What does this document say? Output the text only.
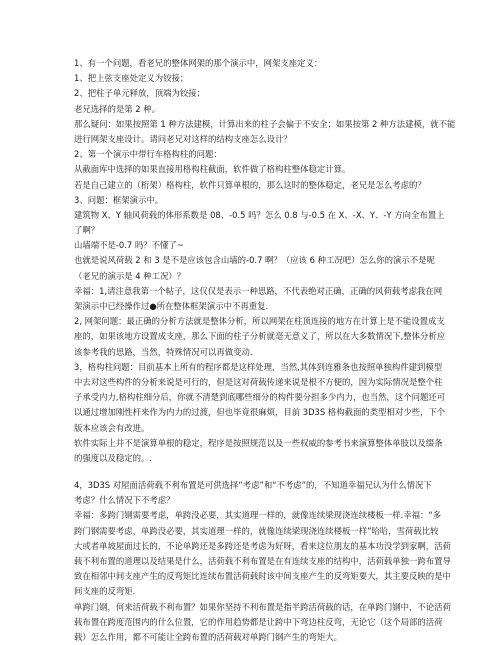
1、有一个问题，看老兄的整体网架的那个演示中，网架支座定义：
1、把上弦支座处定义为铰接；
2、把柱子单元释放，顶端为铰接；
老兄选择的是第 2 种。
那么疑问：如果按照第 1 种方法建模，计算出来的柱子会偏于不安全；如果按第 2 种方法建模，就不能
进行网架支座设计。请问老兄对这样的结构支座怎么设计？
2、第一个演示中带行车格构柱的问题：
从截面库中选择的如果直接用格构柱截面，软件做了格构柱整体稳定计算。
若是自己建立的（桁架）格构柱，软件只算单根的，那么这时的整体稳定，老兄是怎么考虑的？
3、问题：框架演示中。
建筑物 X、Y 轴风荷载的体形系数是 08、-0.5 吗？怎么 0.8 与-0.5 在 X、-X、Y、-Y 方向全布置上
了啊？
山墙端不是-0.7 吗？不懂了~
也就是说风荷载 2 和 3 是不是应该包含山墙的-0.7 啊？（应该 6 种工况吧）怎么你的演示不是呢
（老兄的演示是 4 种工况）？
幸福：1,请注意我第一个帖子，这仅仅是表示一种思路，不代表绝对正确，正确的风荷载考虑我在网
架演示中已经操作过●所在整体框架演示中不再重复.
2, 网架问题：最正确的分析方法就是整体分析，所以网架在柱顶连接的地方在计算上是不能设置成支
座的，如果该地方设置成支座，那么下面的柱子分析就毫无意义了，所以在大多数情况下,整体分析应
该参考我的思路，当然，特殊情况可以再做变动.
3，格构柱问题：目前基本上所有的程序都是这样处理，当然,其体到连雅条也按照单独构件建到模型
中去对这些构件的分析来说是可行的，但是这对荷载传递来说是根不方便的，因为实际情况是整个柱
子承受内力,格构柱细分后，你就不清楚到底哪些细分的构件要分担多少内力，也当然，这个问题还可
以通过增加刚性杆来作为内力的过渡，但也毕竟很麻烦，目前 3D3S 格构截面的类型相对少些，下个
版本应该会有改进。
软件实际上并不是演算单根的稳定，程序是按照规范以及一些权威的参考书来演算整体单肢以及缀条
的强度以及稳定的。.
4，3D3S 对屋面活荷载不利布置是可供选择“考虑”和“不考虑”的，不知道幸福兄认为什么情况下
考虑？什么情况下不考虑？
幸福：多跨门钢需要考虑，单跨没必要，其实道理一样的，就像连续梁现浇连续楼板一样.幸福：“多
跨门钢需要考虑，单跨没必要，其实道理一样的，就像连续梁现浇连续楼板一样”哈哈，雪荷载比较
大或者单坡屋面过长的，不论单跨还是多跨还是考虑为好呀，看来这位朋友的基本功没学到家啊，活荷
载不利布置的道理以及结果是什么，活荷载不利布置是在有连续支座的结构中，活荷载单独一跨布置导
致在相邻中间支座产生的反弯矩比连续布置活荷载时该中间支座产生的反弯矩要大，其主要反映的是中
间支座的反弯矩.
单跨门钢，何来活荷载不利布置？如果你坚持不利布置是指半跨活荷载的话，在单跨门钢中，不论活荷
载布置在跨度范围内的什么位置，它的作用趋势都是让跨中下弯边柱反弯，无论它（这个局部的活荷
载）怎么作用，都不可能让全跨布置的活荷载对单跨门钢产生的弯矩大。
